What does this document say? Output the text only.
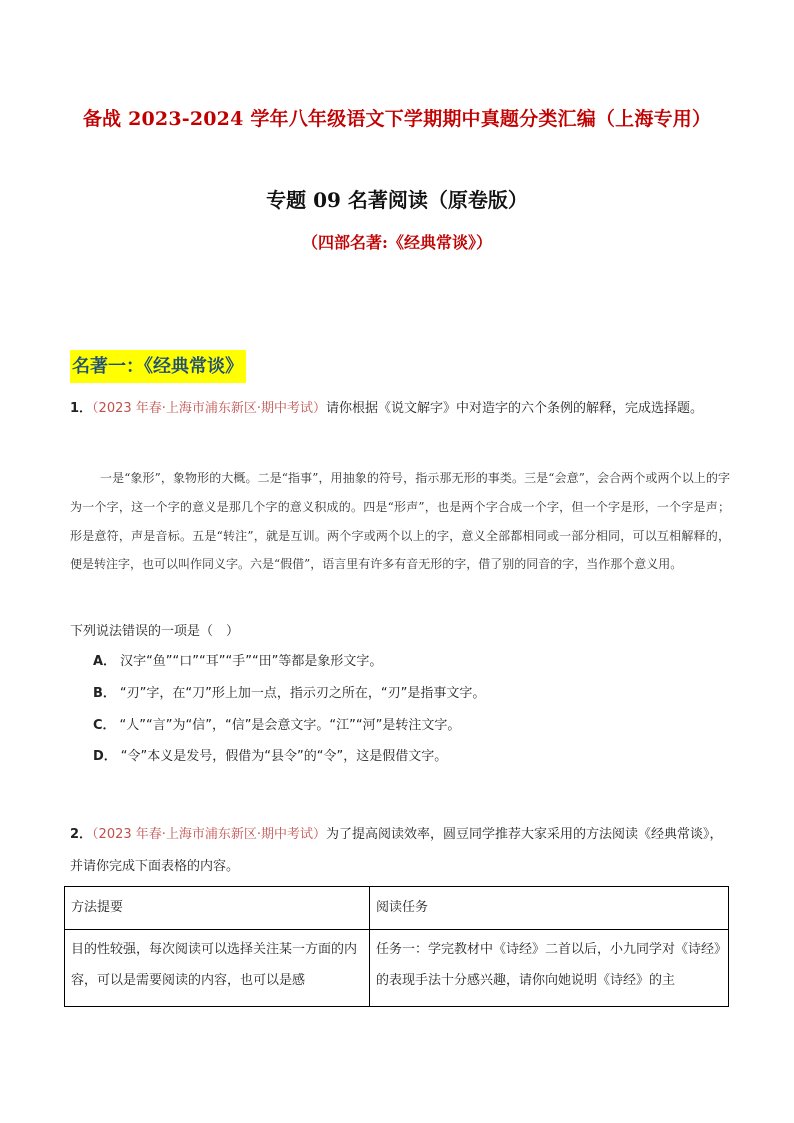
备战 2023-2024 学年八年级语文下学期期中真题分类汇编（上海专用）
专题 09 名著阅读（原卷版）
（四部名著:《经典常谈》）
名著一：《经典常谈》
1．（2023 年春·上海市浦东新区·期中考试）请你根据《说文解字》中对造字的六个条例的解释，完成选择题。
一是“象形”，象物形的大概。二是“指事”，用抽象的符号，指示那无形的事类。三是“会意”，会合两个或两个以上的字为一个字，这一个字的意义是那几个字的意义积成的。四是“形声”，也是两个字合成一个字，但一个字是形，一个字是声；形是意符，声是音标。五是“转注”，就是互训。两个字或两个以上的字，意义全部都相同或一部分相同，可以互相解释的，便是转注字，也可以叫作同义字。六是“假借”，语言里有许多有音无形的字，借了别的同音的字，当作那个意义用。
下列说法错误的一项是（　）
A． 汉字“鱼”“口”“耳”“手”“田”等都是象形文字。
B． “刃”字，在“刀”形上加一点，指示刃之所在，“刃”是指事文字。
C． “人”“言”为“信”，“信”是会意文字。“江”“河”是转注文字。
D． “令”本义是发号，假借为“县令”的“令”，这是假借文字。
2．（2023 年春·上海市浦东新区·期中考试）为了提高阅读效率，圆豆同学推荐大家采用的方法阅读《经典常谈》，并请你完成下面表格的内容。
方法提要	阅读任务
目的性较强，每次阅读可以选择关注某一方面的内容，可以是需要阅读的内容，也可以是感	任务一：学完教材中《诗经》二首以后，小九同学对《诗经》的表现手法十分感兴趣，请你向她说明《诗经》的主
